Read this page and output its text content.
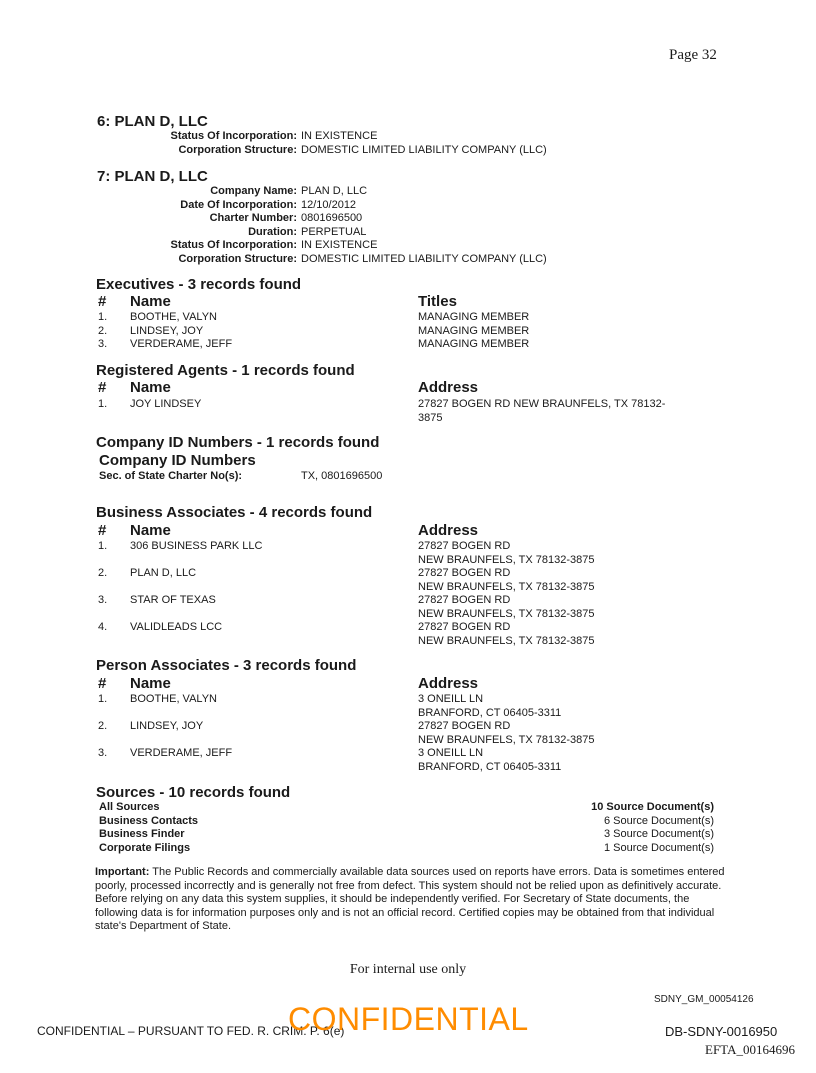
Page 32
6: PLAN D, LLC
Status Of Incorporation: IN EXISTENCE
Corporation Structure: DOMESTIC LIMITED LIABILITY COMPANY (LLC)
7: PLAN D, LLC
Company Name: PLAN D, LLC
Date Of Incorporation: 12/10/2012
Charter Number: 0801696500
Duration: PERPETUAL
Status Of Incorporation: IN EXISTENCE
Corporation Structure: DOMESTIC LIMITED LIABILITY COMPANY (LLC)
Executives - 3 records found
# Name	Titles
1. BOOTHE, VALYN	MANAGING MEMBER
2. LINDSEY, JOY	MANAGING MEMBER
3. VERDERAME, JEFF	MANAGING MEMBER
Registered Agents - 1 records found
# Name	Address
1. JOY LINDSEY	27827 BOGEN RD NEW BRAUNFELS, TX 78132-
3875
Company ID Numbers - 1 records found
Company ID Numbers
Sec. of State Charter No(s):	TX, 0801696500
Business Associates - 4 records found
# Name	Address
1. 306 BUSINESS PARK LLC	27827 BOGEN RD
NEW BRAUNFELS, TX 78132-3875
2. PLAN D, LLC	27827 BOGEN RD
NEW BRAUNFELS, TX 78132-3875
3. STAR OF TEXAS	27827 BOGEN RD
NEW BRAUNFELS, TX 78132-3875
4. VALIDLEADS LCC	27827 BOGEN RD
NEW BRAUNFELS, TX 78132-3875
Person Associates - 3 records found
# Name	Address
1. BOOTHE, VALYN	3 ONEILL LN
BRANFORD, CT 06405-3311
2. LINDSEY, JOY	27827 BOGEN RD
NEW BRAUNFELS, TX 78132-3875
3. VERDERAME, JEFF	3 ONEILL LN
BRANFORD, CT 06405-3311
Sources - 10 records found
All Sources	10 Source Document(s)
Business Contacts	6 Source Document(s)
Business Finder	3 Source Document(s)
Corporate Filings	1 Source Document(s)
Important: The Public Records and commercially available data sources used on reports have errors. Data is sometimes entered poorly, processed incorrectly and is generally not free from defect. This system should not be relied upon as definitively accurate. Before relying on any data this system supplies, it should be independently verified. For Secretary of State documents, the following data is for information purposes only and is not an official record. Certified copies may be obtained from that individual state's Department of State.
For internal use only
SDNY_GM_00054126
CONFIDENTIAL – PURSUANT TO FED. R. CRIM. P. 6(e)
CONFIDENTIAL	DB-SDNY-0016950
EFTA_00164696
